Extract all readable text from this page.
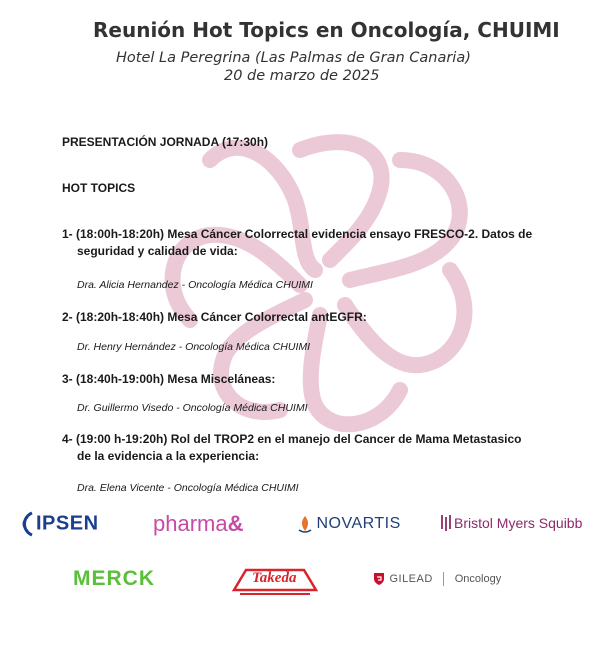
Reunión Hot Topics en Oncología, CHUIMI
Hotel La Peregrina (Las Palmas de Gran Canaria)
20 de marzo de 2025
PRESENTACIÓN JORNADA (17:30h)
HOT TOPICS
1- (18:00h-18:20h) Mesa Cáncer Colorrectal evidencia ensayo FRESCO-2. Datos de
seguridad y calidad de vida:
Dra. Alicia Hernandez - Oncología Médica CHUIMI
2- (18:20h-18:40h) Mesa Cáncer Colorrectal antEGFR:
Dr. Henry Hernández - Oncología Médica CHUIMI
3- (18:40h-19:00h) Mesa Misceláneas:
Dr. Guillermo Visedo - Oncología Médica CHUIMI
4- (19:00 h-19:20h) Rol del TROP2 en el manejo del Cancer de Mama Metastasico
de la evidencia a la experiencia:
Dra. Elena Vicente - Oncología Médica CHUIMI
IPSEN pharma&	NOVARTIS	Bristol Myers Squibb
MERCK	Takeda	GILEAD Oncology
